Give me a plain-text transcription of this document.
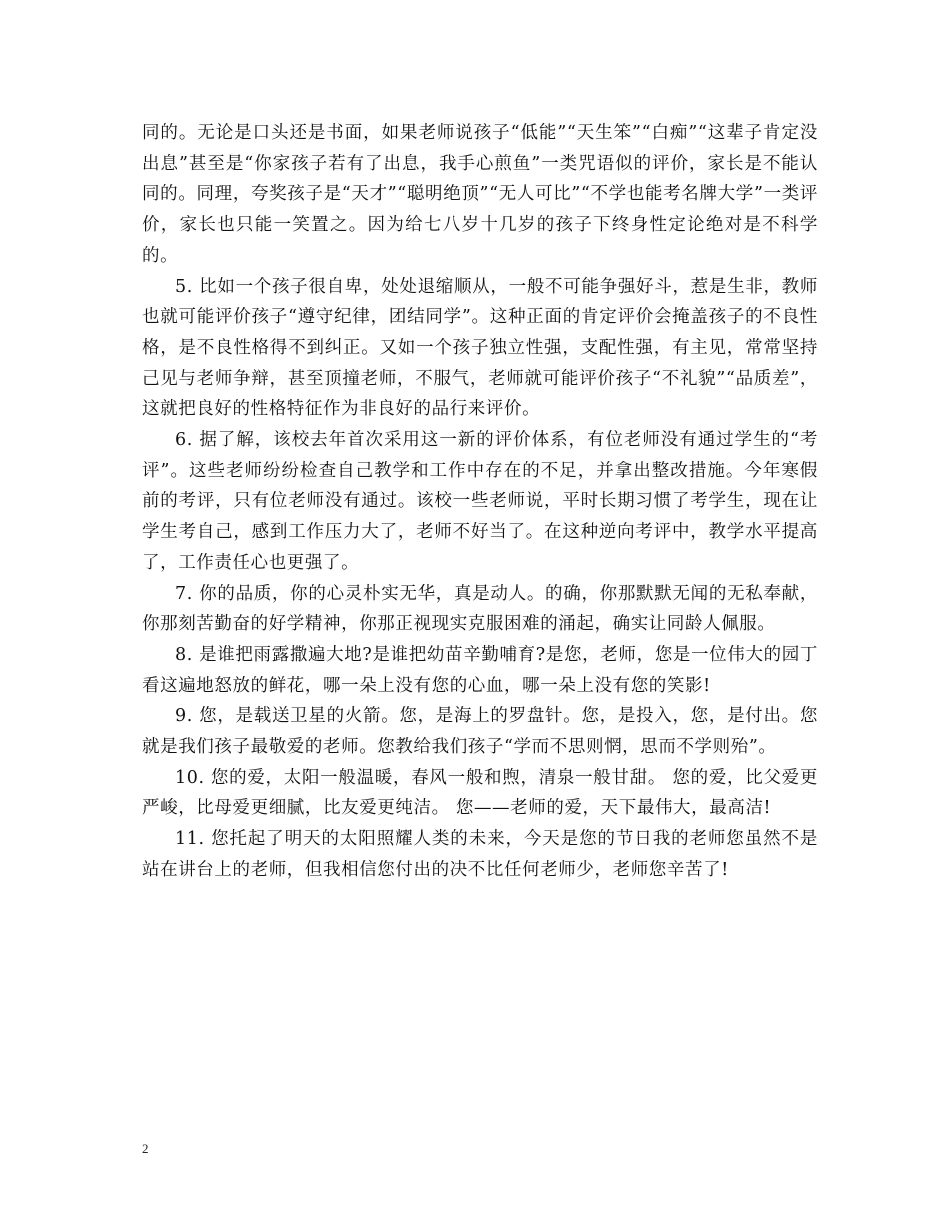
同的。无论是口头还是书面，如果老师说孩子“低能”“天生笨”“白痴”“这辈子肯定没出息”甚至是“你家孩子若有了出息，我手心煎鱼”一类咒语似的评价，家长是不能认同的。同理，夸奖孩子是“天才”“聪明绝顶”“无人可比”“不学也能考名牌大学”一类评价，家长也只能一笑置之。因为给七八岁十几岁的孩子下终身性定论绝对是不科学的。

5. 比如一个孩子很自卑，处处退缩顺从，一般不可能争强好斗，惹是生非，教师也就可能评价孩子“遵守纪律，团结同学”。这种正面的肯定评价会掩盖孩子的不良性格，是不良性格得不到纠正。又如一个孩子独立性强，支配性强，有主见，常常坚持己见与老师争辩，甚至顶撞老师，不服气，老师就可能评价孩子“不礼貌”“品质差”，这就把良好的性格特征作为非良好的品行来评价。

6. 据了解，该校去年首次采用这一新的评价体系，有位老师没有通过学生的“考评”。这些老师纷纷检查自己教学和工作中存在的不足，并拿出整改措施。今年寒假前的考评，只有位老师没有通过。该校一些老师说，平时长期习惯了考学生，现在让学生考自己，感到工作压力大了，老师不好当了。在这种逆向考评中，教学水平提高了，工作责任心也更强了。

7. 你的品质，你的心灵朴实无华，真是动人。的确，你那默默无闻的无私奉献，你那刻苦勤奋的好学精神，你那正视现实克服困难的涌起，确实让同龄人佩服。

8. 是谁把雨露撒遍大地?是谁把幼苗辛勤哺育?是您，老师，您是一位伟大的园丁看这遍地怒放的鲜花，哪一朵上没有您的心血，哪一朵上没有您的笑影!

9. 您，是载送卫星的火箭。您，是海上的罗盘针。您，是投入，您，是付出。您就是我们孩子最敬爱的老师。您教给我们孩子“学而不思则惘，思而不学则殆”。

10. 您的爱，太阳一般温暖，春风一般和煦，清泉一般甘甜。 您的爱，比父爱更严峻，比母爱更细腻，比友爱更纯洁。 您——老师的爱，天下最伟大，最高洁!

11. 您托起了明天的太阳照耀人类的未来，今天是您的节日我的老师您虽然不是站在讲台上的老师，但我相信您付出的决不比任何老师少，老师您辛苦了!

2
